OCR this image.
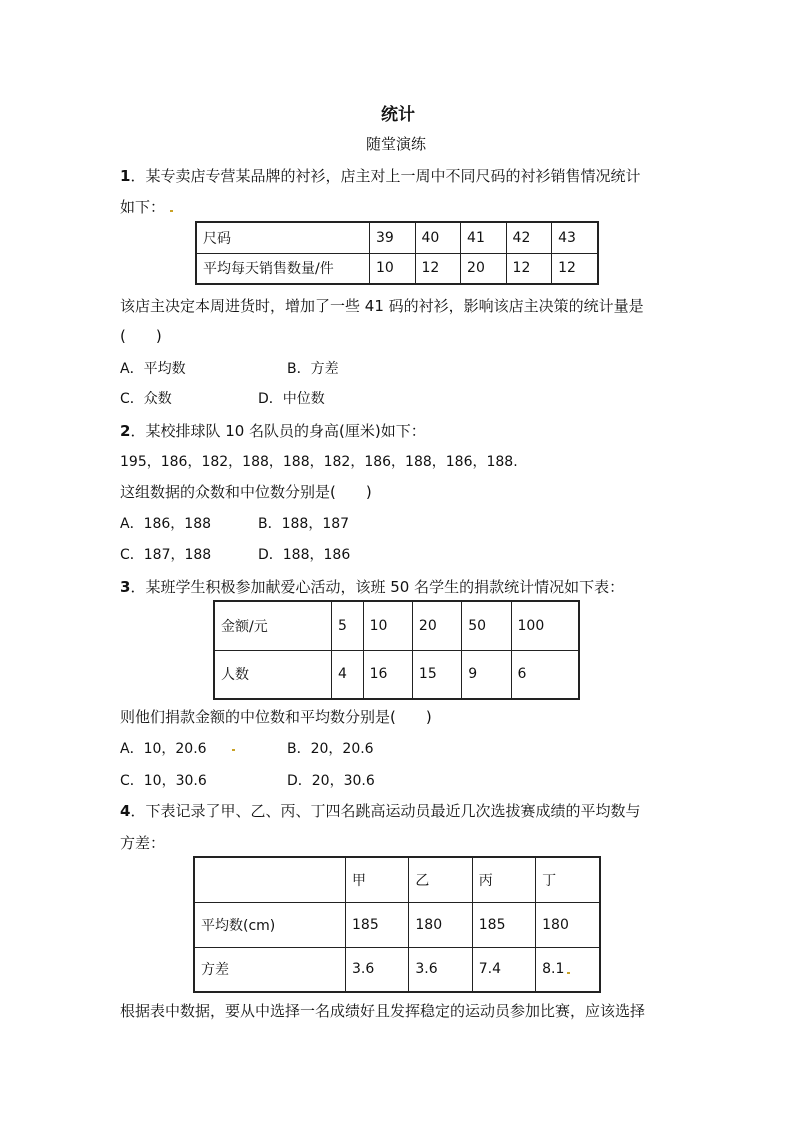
统计
随堂演练
1．某专卖店专营某品牌的衬衫，店主对上一周中不同尺码的衬衫销售情况统计
如下：
尺码	39	40	41	42	43
平均每天销售数量/件	10	12	20	12	12
该店主决定本周进货时，增加了一些 41 码的衬衫，影响该店主决策的统计量是
(　　)
A．平均数	B．方差
C．众数	D．中位数
2．某校排球队 10 名队员的身高(厘米)如下：
195，186，182，188，188，182，186，188，186，188.
这组数据的众数和中位数分别是(　　)
A．186，188	B．188，187
C．187，188	D．188，186
3．某班学生积极参加献爱心活动，该班 50 名学生的捐款统计情况如下表：
金额/元	5	10	20	50	100
人数	4	16	15	9	6
则他们捐款金额的中位数和平均数分别是(　　)
A．10，20.6	B．20，20.6
C．10，30.6	D．20，30.6
4．下表记录了甲、乙、丙、丁四名跳高运动员最近几次选拔赛成绩的平均数与
方差：
	甲	乙	丙	丁
平均数(cm)	185	180	185	180
方差	3.6	3.6	7.4	8.1
根据表中数据，要从中选择一名成绩好且发挥稳定的运动员参加比赛，应该选择
